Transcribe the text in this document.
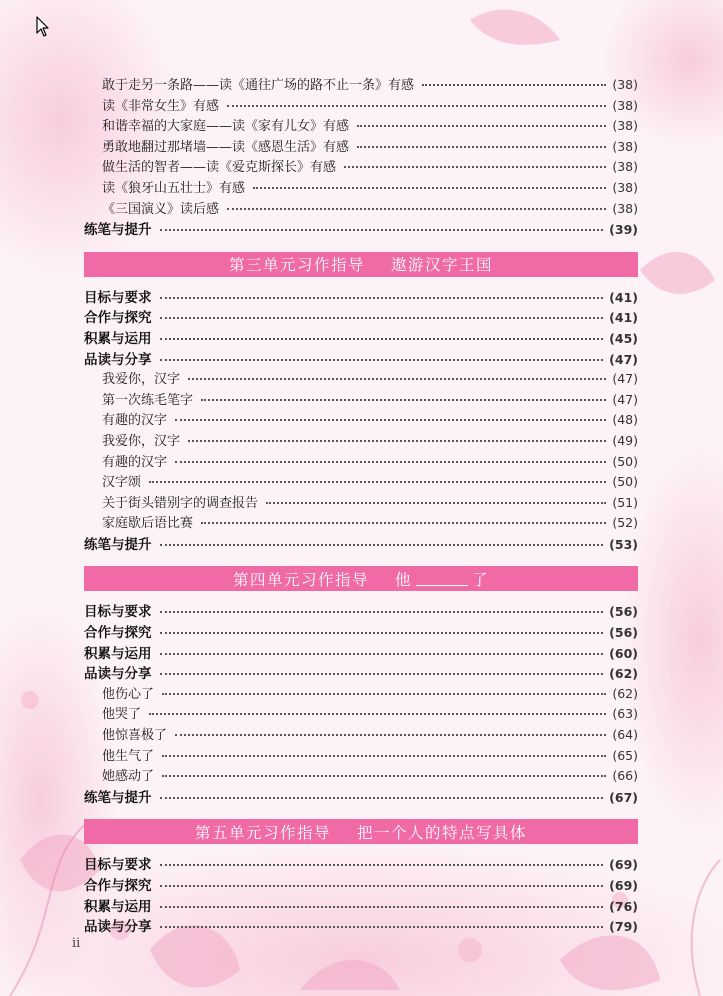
敢于走另一条路——读《通往广场的路不止一条》有感	(38)
读《非常女生》有感	(38)
和谐幸福的大家庭——读《家有儿女》有感	(38)
勇敢地翻过那堵墙——读《感恩生活》有感	(38)
做生活的智者——读《爱克斯探长》有感	(38)
读《狼牙山五壮士》有感	(38)
《三国演义》读后感	(38)
练笔与提升	(39)
第三单元习作指导 遨游汉字王国
目标与要求	(41)
合作与探究	(41)
积累与运用	(45)
品读与分享	(47)
我爱你，汉字	(47)
第一次练毛笔字	(47)
有趣的汉字	(48)
我爱你，汉字	(49)
有趣的汉字	(50)
汉字颂	(50)
关于街头错别字的调查报告	(51)
家庭歇后语比赛	(52)
练笔与提升	(53)
第四单元习作指导 他	了
目标与要求	(56)
合作与探究	(56)
积累与运用	(60)
品读与分享	(62)
他伤心了	(62)
他哭了	(63)
他惊喜极了	(64)
他生气了	(65)
她感动了	(66)
练笔与提升	(67)
第五单元习作指导 把一个人的特点写具体
目标与要求	(69)
合作与探究	(69)
积累与运用	(76)
品读与分享	(79)
ii
